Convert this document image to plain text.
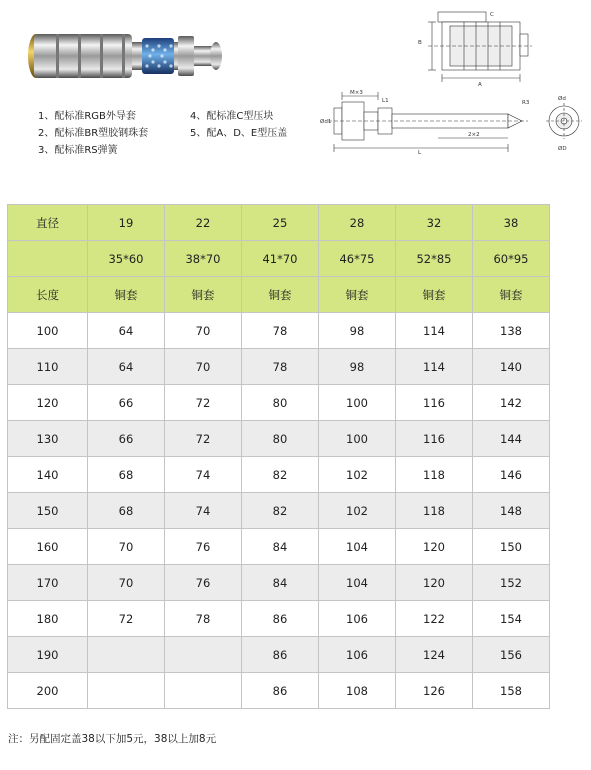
1、配标准RGB外导套
2、配标准BR塑胶钢珠套
3、配标准RS弹簧
4、配标准C型压块
5、配A、D、E型压盖
B
A
C
L
M×3
Ød1
L1
2×2
R3
Ød
ØD
直径	19	22	25	28	32	38
	35*60	38*70	41*70	46*75	52*85	60*95
长度	铜套	铜套	铜套	铜套	铜套	铜套
100	64	70	78	98	114	138
110	64	70	78	98	114	140
120	66	72	80	100	116	142
130	66	72	80	100	116	144
140	68	74	82	102	118	146
150	68	74	82	102	118	148
160	70	76	84	104	120	150
170	70	76	84	104	120	152
180	72	78	86	106	122	154
190			86	106	124	156
200			86	108	126	158
注：另配固定盖38以下加5元，38以上加8元
